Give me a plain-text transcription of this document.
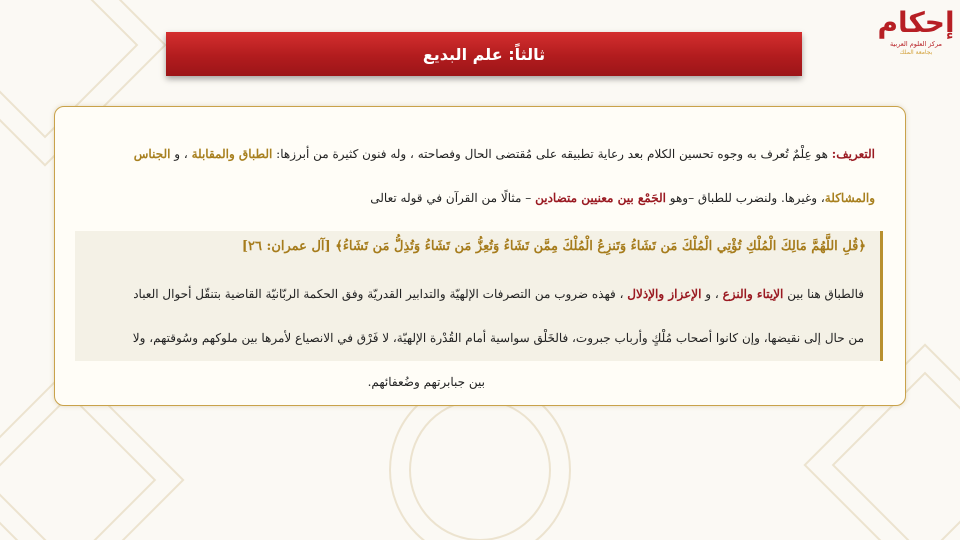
إحكام
مركز العلوم العربية
بجامعة الملك
ثالثاً: علم البديع
التعريف: هو عِلْمٌ تُعرف به وجوه تحسين الكلام بعد رعاية تطبيقه على مُقتضى الحال وفصاحته ، وله فنون كثيرة من أبرزها: الطباق والمقابلة ، و الجناس
والمشاكلة، وغيرها. ولنضرب للطباق –وهو الجَمْع بين معنيين متضادين – مثالًا من القرآن في قوله تعالى
﴿قُلِ اللَّهُمَّ مَالِكَ الْمُلْكِ تُؤْتِي الْمُلْكَ مَن تَشَاءُ وَتَنزِعُ الْمُلْكَ مِمَّن تَشَاءُ وَتُعِزُّ مَن تَشَاءُ وَتُذِلُّ مَن تَشَاءُ﴾ [آل عمران: ٢٦]
فالطباق هنا بين الإيتاء والنزع ، و الإعزاز والإذلال ، فهذه ضروب من التصرفات الإلهيّة والتدابير القدريّة وفق الحكمة الربّانيّة القاضية بتنقّل أحوال العباد
من حال إلى نقيضها، وإن كانوا أصحاب مُلْكٍ وأرباب جبروت، فالخَلْق سواسية أمام القُدْرة الإلهيّة، لا فَرْق في الانصياع لأمرها بين ملوكهم وسُوقتهم، ولا
بين جبابرتهم وضُعفائهم.
